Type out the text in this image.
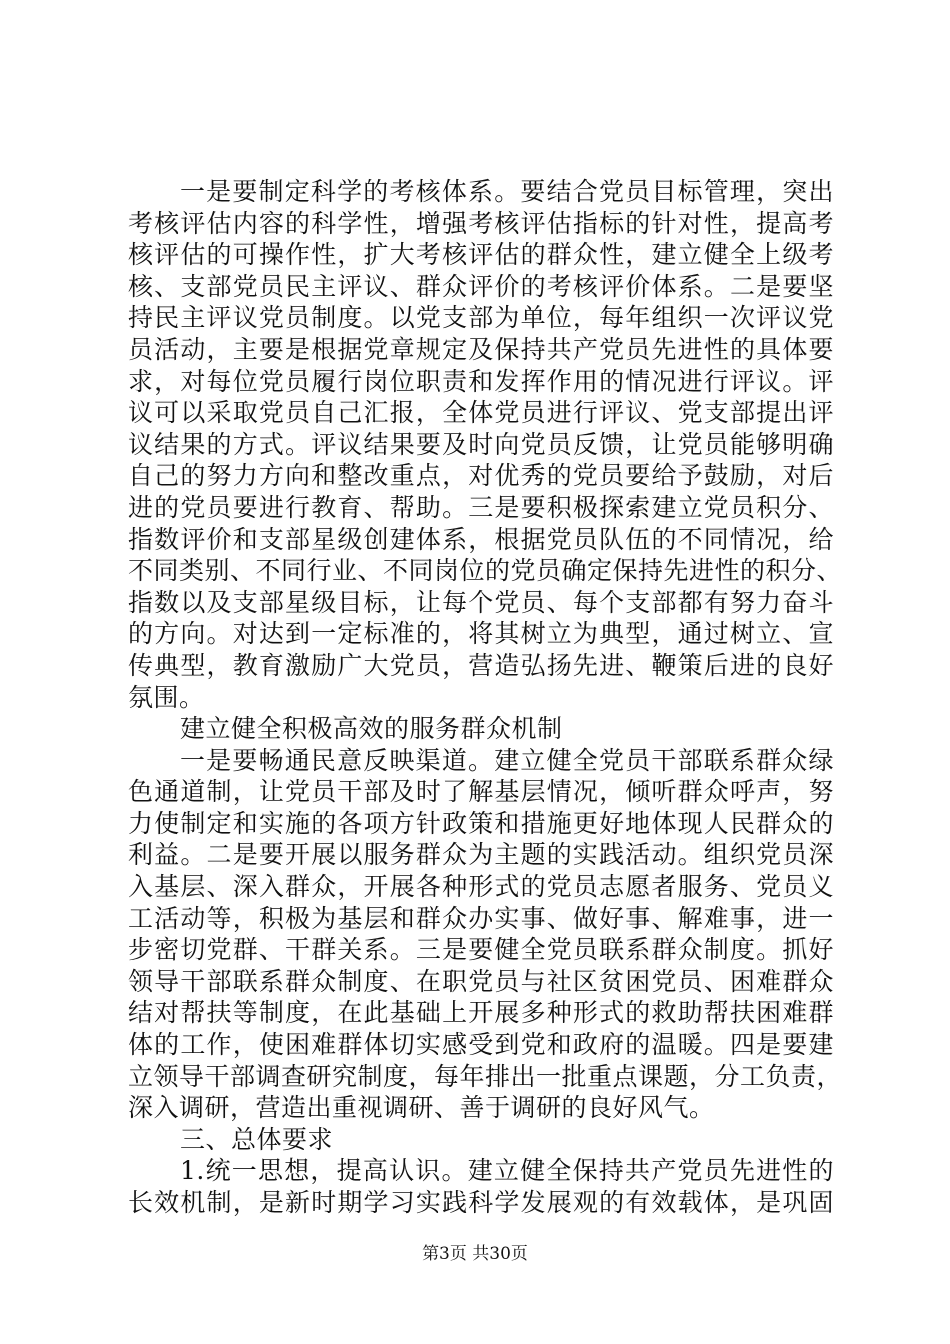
一是要制定科学的考核体系。要结合党员目标管理，突出
考核评估内容的科学性，增强考核评估指标的针对性，提高考
核评估的可操作性，扩大考核评估的群众性，建立健全上级考
核、支部党员民主评议、群众评价的考核评价体系。二是要坚
持民主评议党员制度。以党支部为单位，每年组织一次评议党
员活动，主要是根据党章规定及保持共产党员先进性的具体要
求，对每位党员履行岗位职责和发挥作用的情况进行评议。评
议可以采取党员自己汇报，全体党员进行评议、党支部提出评
议结果的方式。评议结果要及时向党员反馈，让党员能够明确
自己的努力方向和整改重点，对优秀的党员要给予鼓励，对后
进的党员要进行教育、帮助。三是要积极探索建立党员积分、
指数评价和支部星级创建体系，根据党员队伍的不同情况，给
不同类别、不同行业、不同岗位的党员确定保持先进性的积分、
指数以及支部星级目标，让每个党员、每个支部都有努力奋斗
的方向。对达到一定标准的，将其树立为典型，通过树立、宣
传典型，教育激励广大党员，营造弘扬先进、鞭策后进的良好
氛围。
建立健全积极高效的服务群众机制
一是要畅通民意反映渠道。建立健全党员干部联系群众绿
色通道制，让党员干部及时了解基层情况，倾听群众呼声，努
力使制定和实施的各项方针政策和措施更好地体现人民群众的
利益。二是要开展以服务群众为主题的实践活动。组织党员深
入基层、深入群众，开展各种形式的党员志愿者服务、党员义
工活动等，积极为基层和群众办实事、做好事、解难事，进一
步密切党群、干群关系。三是要健全党员联系群众制度。抓好
领导干部联系群众制度、在职党员与社区贫困党员、困难群众
结对帮扶等制度，在此基础上开展多种形式的救助帮扶困难群
体的工作，使困难群体切实感受到党和政府的温暖。四是要建
立领导干部调查研究制度，每年排出一批重点课题，分工负责，
深入调研，营造出重视调研、善于调研的良好风气。
三、总体要求
1.统一思想，提高认识。建立健全保持共产党员先进性的
长效机制，是新时期学习实践科学发展观的有效载体，是巩固
第3页 共30页
